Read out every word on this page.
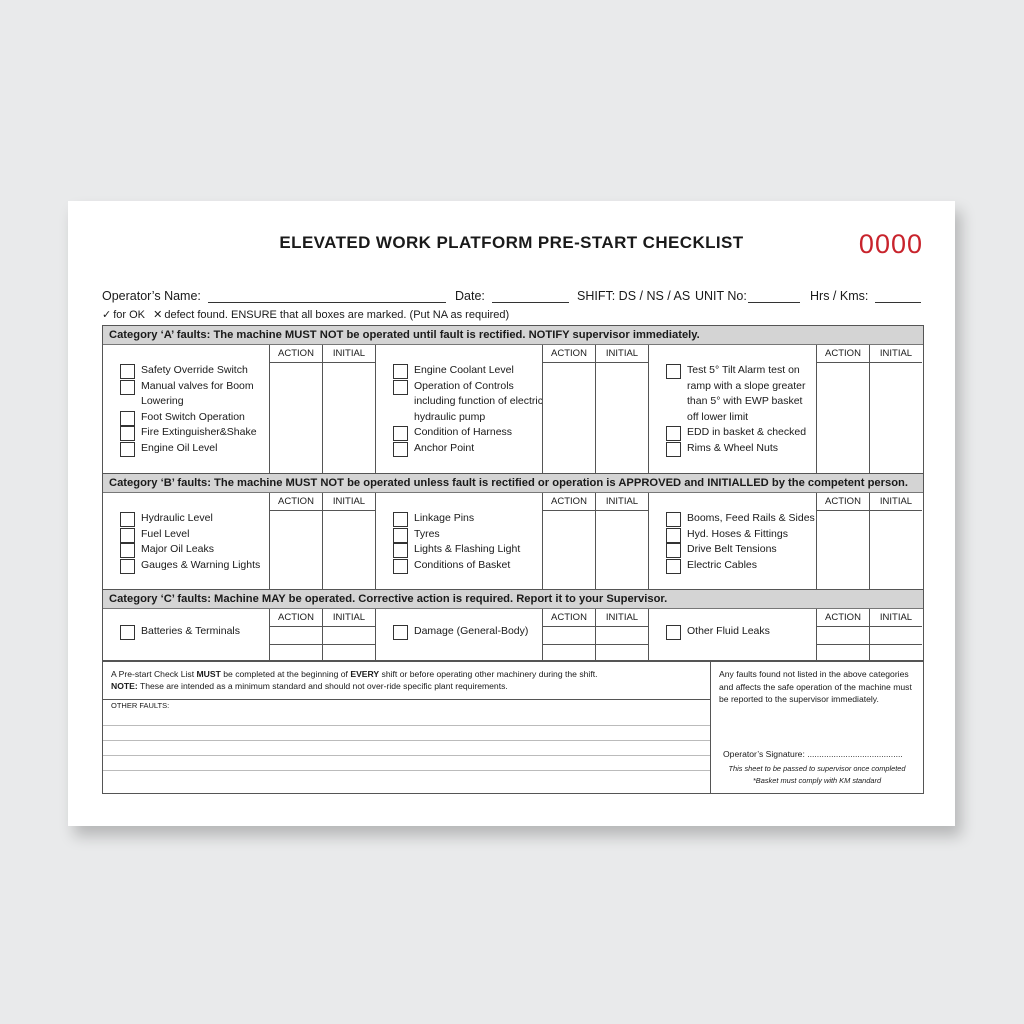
ELEVATED WORK PLATFORM PRE-START CHECKLIST	0000
Operator’s Name:	Date:	SHIFT: DS / NS / AS UNIT No:	Hrs / Kms:
✓ for OK ✕ defect found. ENSURE that all boxes are marked. (Put NA as required)
A Pre-start Check List MUST be completed at the beginning of EVERY shift or before operating other machinery during the shift.
NOTE: These are intended as a minimum standard and should not over-ride specific plant requirements.
OTHER FAULTS:
Any faults found not listed in the above categories
and affects the safe operation of the machine must
be reported to the supervisor immediately.
Operator’s Signature: ........................................
This sheet to be passed to supervisor once completed
*Basket must comply with KM standard
Category ‘A’ faults: The machine MUST NOT be operated until fault is rectified. NOTIFY supervisor immediately.
Safety Override Switch
Manual valves for Boom
Lowering
Foot Switch Operation
Fire Extinguisher&Shake
Engine Oil Level
ACTION	INITIAL
Engine Coolant Level
Operation of Controls
including function of electric
hydraulic pump
Condition of Harness
Anchor Point
ACTION	INITIAL
Test 5° Tilt Alarm test on
ramp with a slope greater
than 5° with EWP basket
off lower limit
EDD in basket & checked
Rims & Wheel Nuts
ACTION	INITIAL
Category ‘B’ faults: The machine MUST NOT be operated unless fault is rectified or operation is APPROVED and INITIALLED by the competent person.
Hydraulic Level
Fuel Level
Major Oil Leaks
Gauges & Warning Lights
ACTION	INITIAL
Linkage Pins
Tyres
Lights & Flashing Light
Conditions of Basket
ACTION	INITIAL
Booms, Feed Rails & Sides
Hyd. Hoses & Fittings
Drive Belt Tensions
Electric Cables
ACTION	INITIAL
Category ‘C’ faults: Machine MAY be operated. Corrective action is required. Report it to your Supervisor.
Batteries & Terminals
ACTION	INITIAL
Damage (General-Body)
ACTION	INITIAL
Other Fluid Leaks
ACTION	INITIAL
